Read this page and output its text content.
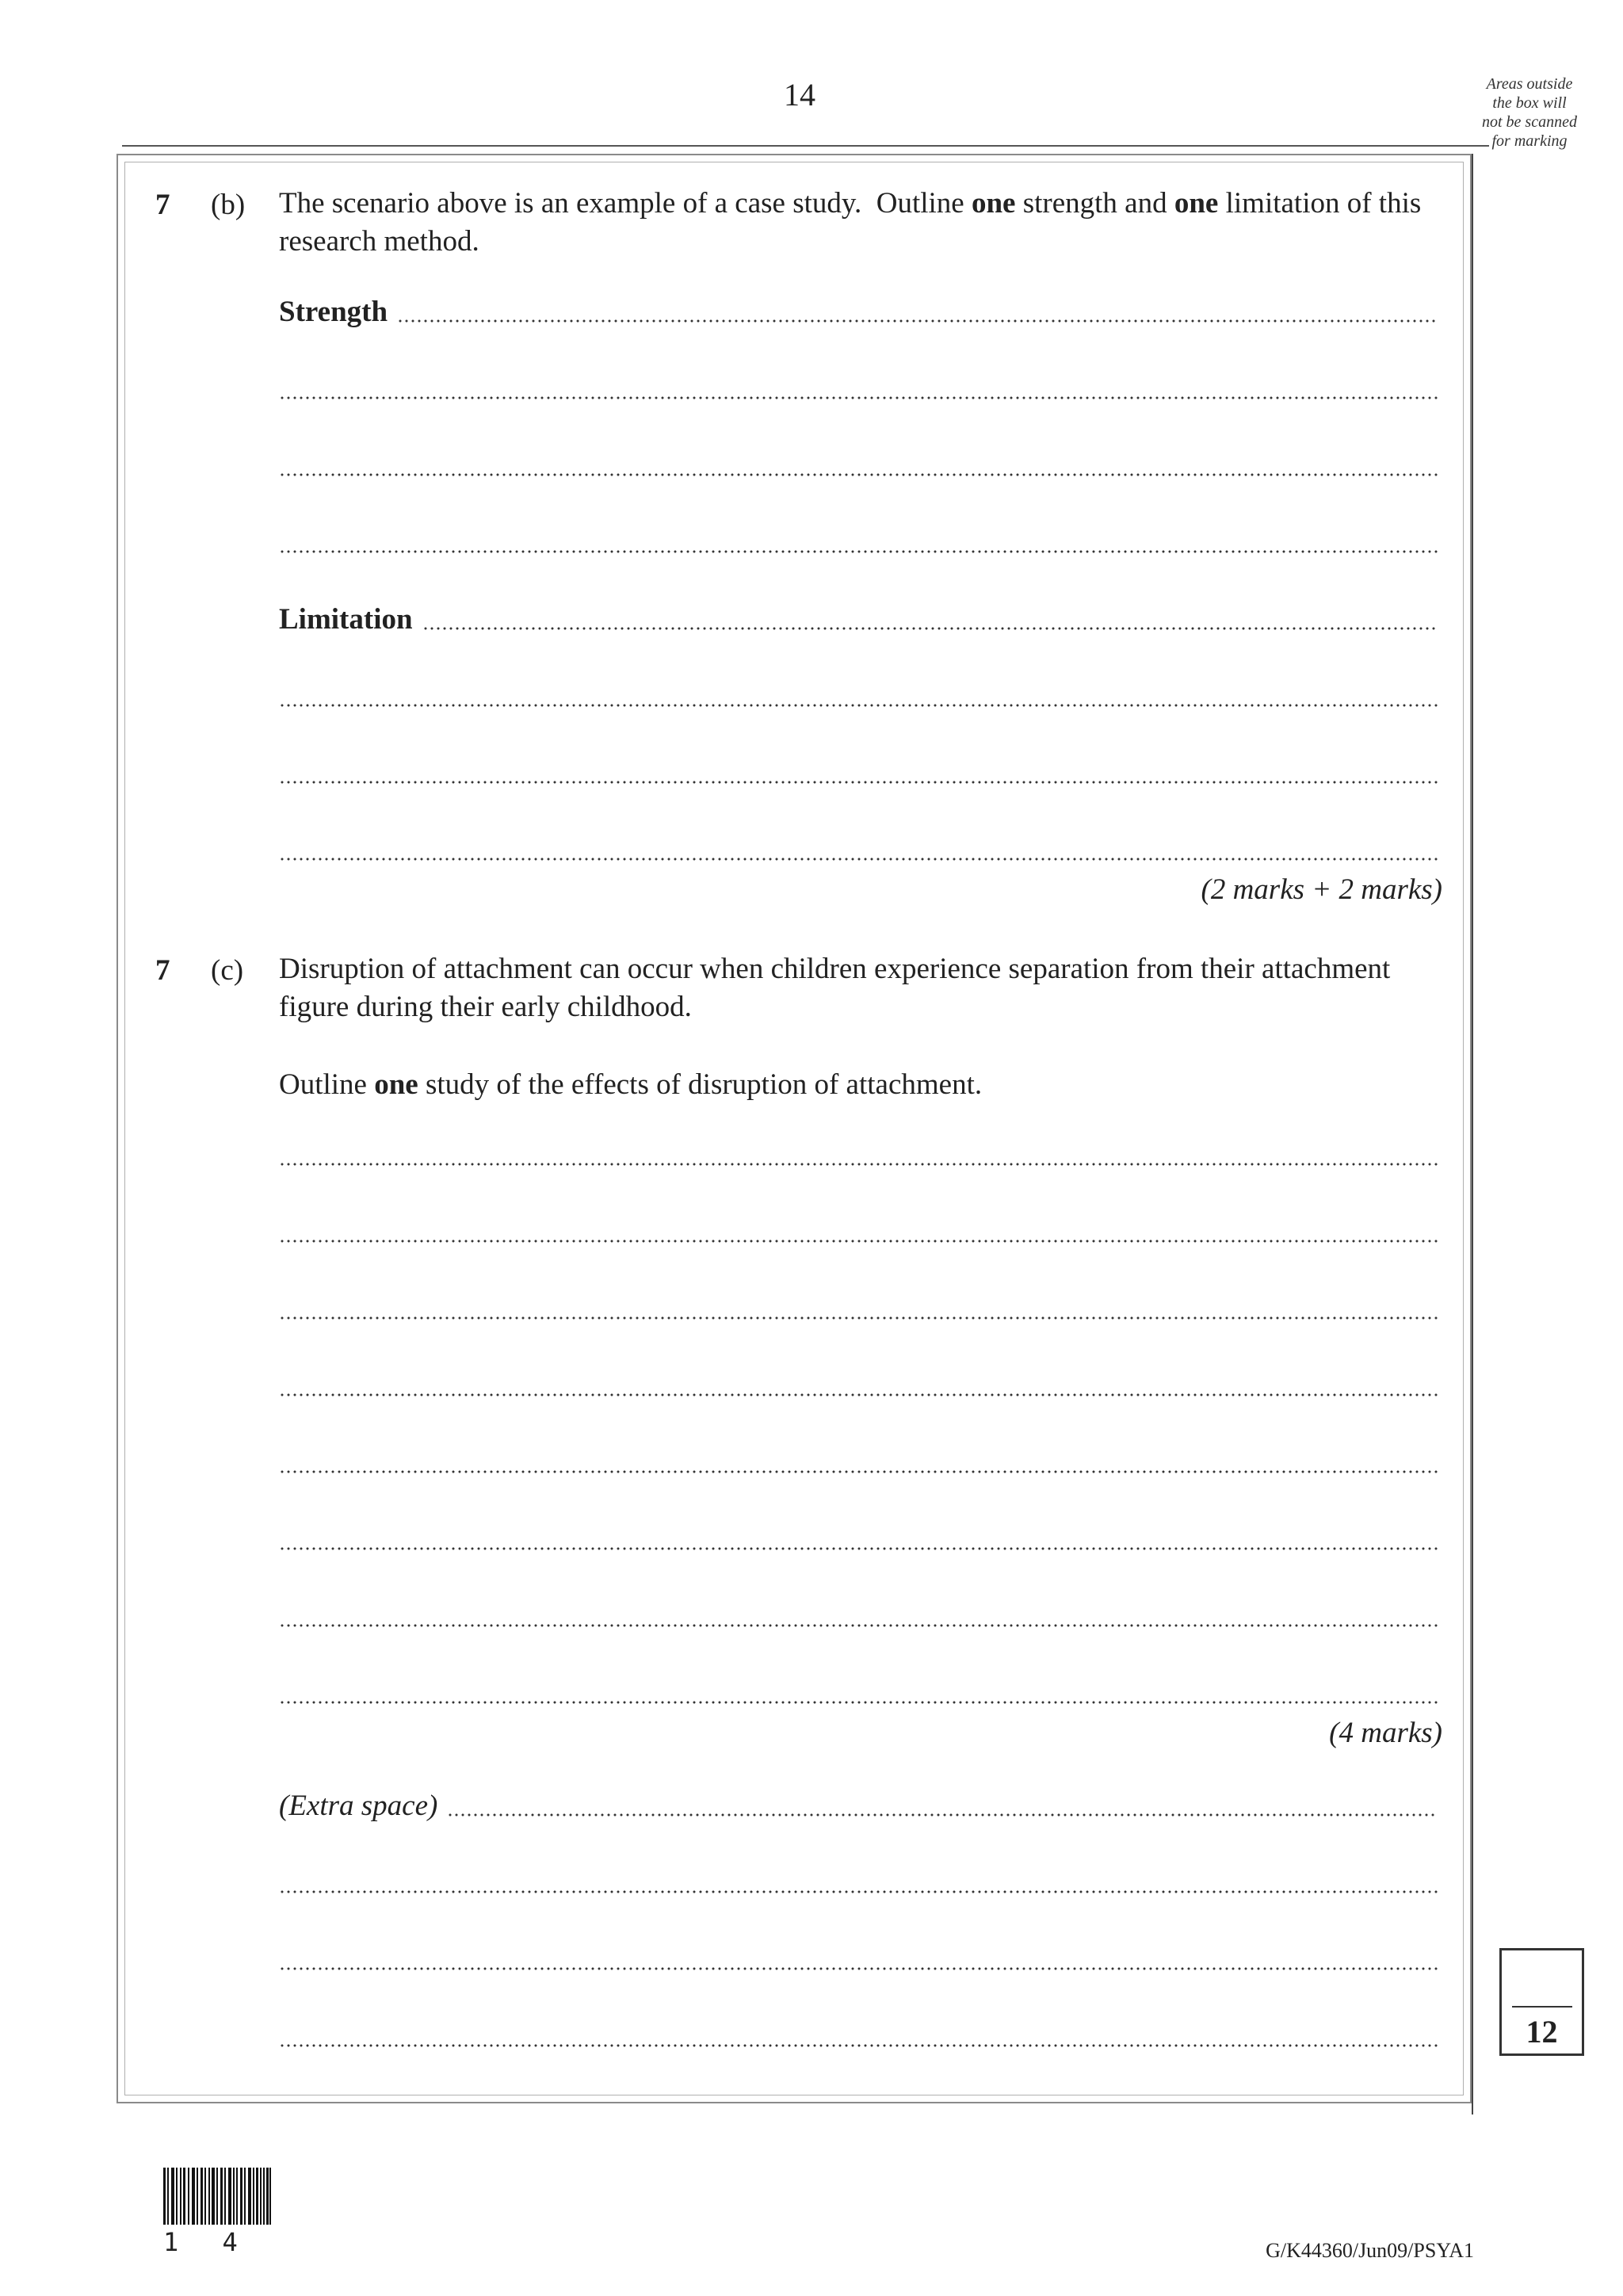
14	Areas outside
the box will
not be scanned
for marking
7 (b) The scenario above is an example of a case study.  Outline one strength and one limitation of this research method.
Strength
Limitation
(2 marks + 2 marks)
7 (c) Disruption of attachment can occur when children experience separation from their attachment figure during their early childhood.
Outline one study of the effects of disruption of attachment.
(4 marks)
(Extra space)
12
1 4	G/K44360/Jun09/PSYA1
